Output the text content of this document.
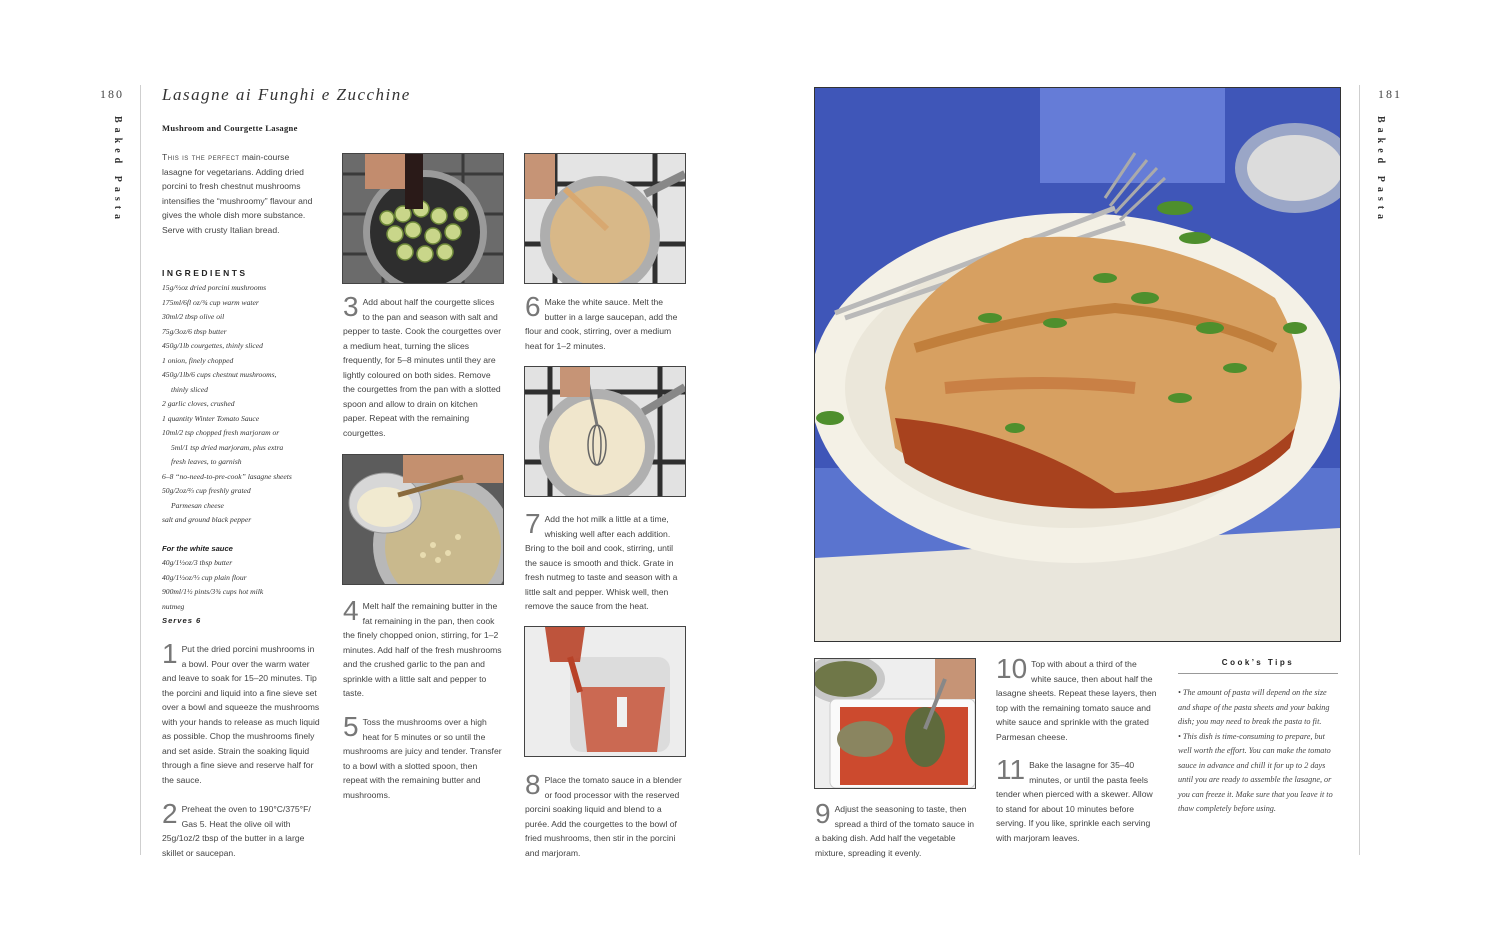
180
Baked Pasta
Lasagne ai Funghi e Zucchine
Mushroom and Courgette Lasagne
This is the perfect main-course lasagne for vegetarians. Adding dried porcini to fresh chestnut mushrooms intensifies the “mushroomy” flavour and gives the whole dish more substance. Serve with crusty Italian bread.
INGREDIENTS
15g/½oz dried porcini mushrooms
175ml/6fl oz/¾ cup warm water
30ml/2 tbsp olive oil
75g/3oz/6 tbsp butter
450g/1lb courgettes, thinly sliced
1 onion, finely chopped
450g/1lb/6 cups chestnut mushrooms,
thinly sliced
2 garlic cloves, crushed
1 quantity Winter Tomato Sauce
10ml/2 tsp chopped fresh marjoram or
5ml/1 tsp dried marjoram, plus extra
fresh leaves, to garnish
6–8 “no-need-to-pre-cook” lasagne sheets
50g/2oz/⅔ cup freshly grated
Parmesan cheese
salt and ground black pepper
For the white sauce
40g/1½oz/3 tbsp butter
40g/1½oz/⅓ cup plain flour
900ml/1½ pints/3¾ cups hot milk
nutmeg
Serves 6
1 Put the dried porcini mushrooms in a bowl. Pour over the warm water and leave to soak for 15–20 minutes. Tip the porcini and liquid into a fine sieve set over a bowl and squeeze the mushrooms with your hands to release as much liquid as possible. Chop the mushrooms finely and set aside. Strain the soaking liquid through a fine sieve and reserve half for the sauce.
2 Preheat the oven to 190°C/375°F/ Gas 5. Heat the olive oil with 25g/1oz/2 tbsp of the butter in a large skillet or saucepan.
3 Add about half the courgette slices to the pan and season with salt and pepper to taste. Cook the courgettes over a medium heat, turning the slices frequently, for 5–8 minutes until they are lightly coloured on both sides. Remove the courgettes from the pan with a slotted spoon and allow to drain on kitchen paper. Repeat with the remaining courgettes.
4 Melt half the remaining butter in the fat remaining in the pan, then cook the finely chopped onion, stirring, for 1–2 minutes. Add half of the fresh mushrooms and the crushed garlic to the pan and sprinkle with a little salt and pepper to taste.
5 Toss the mushrooms over a high heat for 5 minutes or so until the mushrooms are juicy and tender. Transfer to a bowl with a slotted spoon, then repeat with the remaining butter and mushrooms.
6 Make the white sauce. Melt the butter in a large saucepan, add the flour and cook, stirring, over a medium heat for 1–2 minutes.
7 Add the hot milk a little at a time, whisking well after each addition. Bring to the boil and cook, stirring, until the sauce is smooth and thick. Grate in fresh nutmeg to taste and season with a little salt and pepper. Whisk well, then remove the sauce from the heat.
8 Place the tomato sauce in a blender or food processor with the reserved porcini soaking liquid and blend to a purée. Add the courgettes to the bowl of fried mushrooms, then stir in the porcini and marjoram.
181
Baked Pasta
9 Adjust the seasoning to taste, then spread a third of the tomato sauce in a baking dish. Add half the vegetable mixture, spreading it evenly.
10 Top with about a third of the white sauce, then about half the lasagne sheets. Repeat these layers, then top with the remaining tomato sauce and white sauce and sprinkle with the grated Parmesan cheese.
11 Bake the lasagne for 35–40 minutes, or until the pasta feels tender when pierced with a skewer. Allow to stand for about 10 minutes before serving. If you like, sprinkle each serving with marjoram leaves.
Cook’s Tips
• The amount of pasta will depend on the size and shape of the pasta sheets and your baking dish; you may need to break the pasta to fit.
• This dish is time-consuming to prepare, but well worth the effort. You can make the tomato sauce in advance and chill it for up to 2 days until you are ready to assemble the lasagne, or you can freeze it. Make sure that you leave it to thaw completely before using.
